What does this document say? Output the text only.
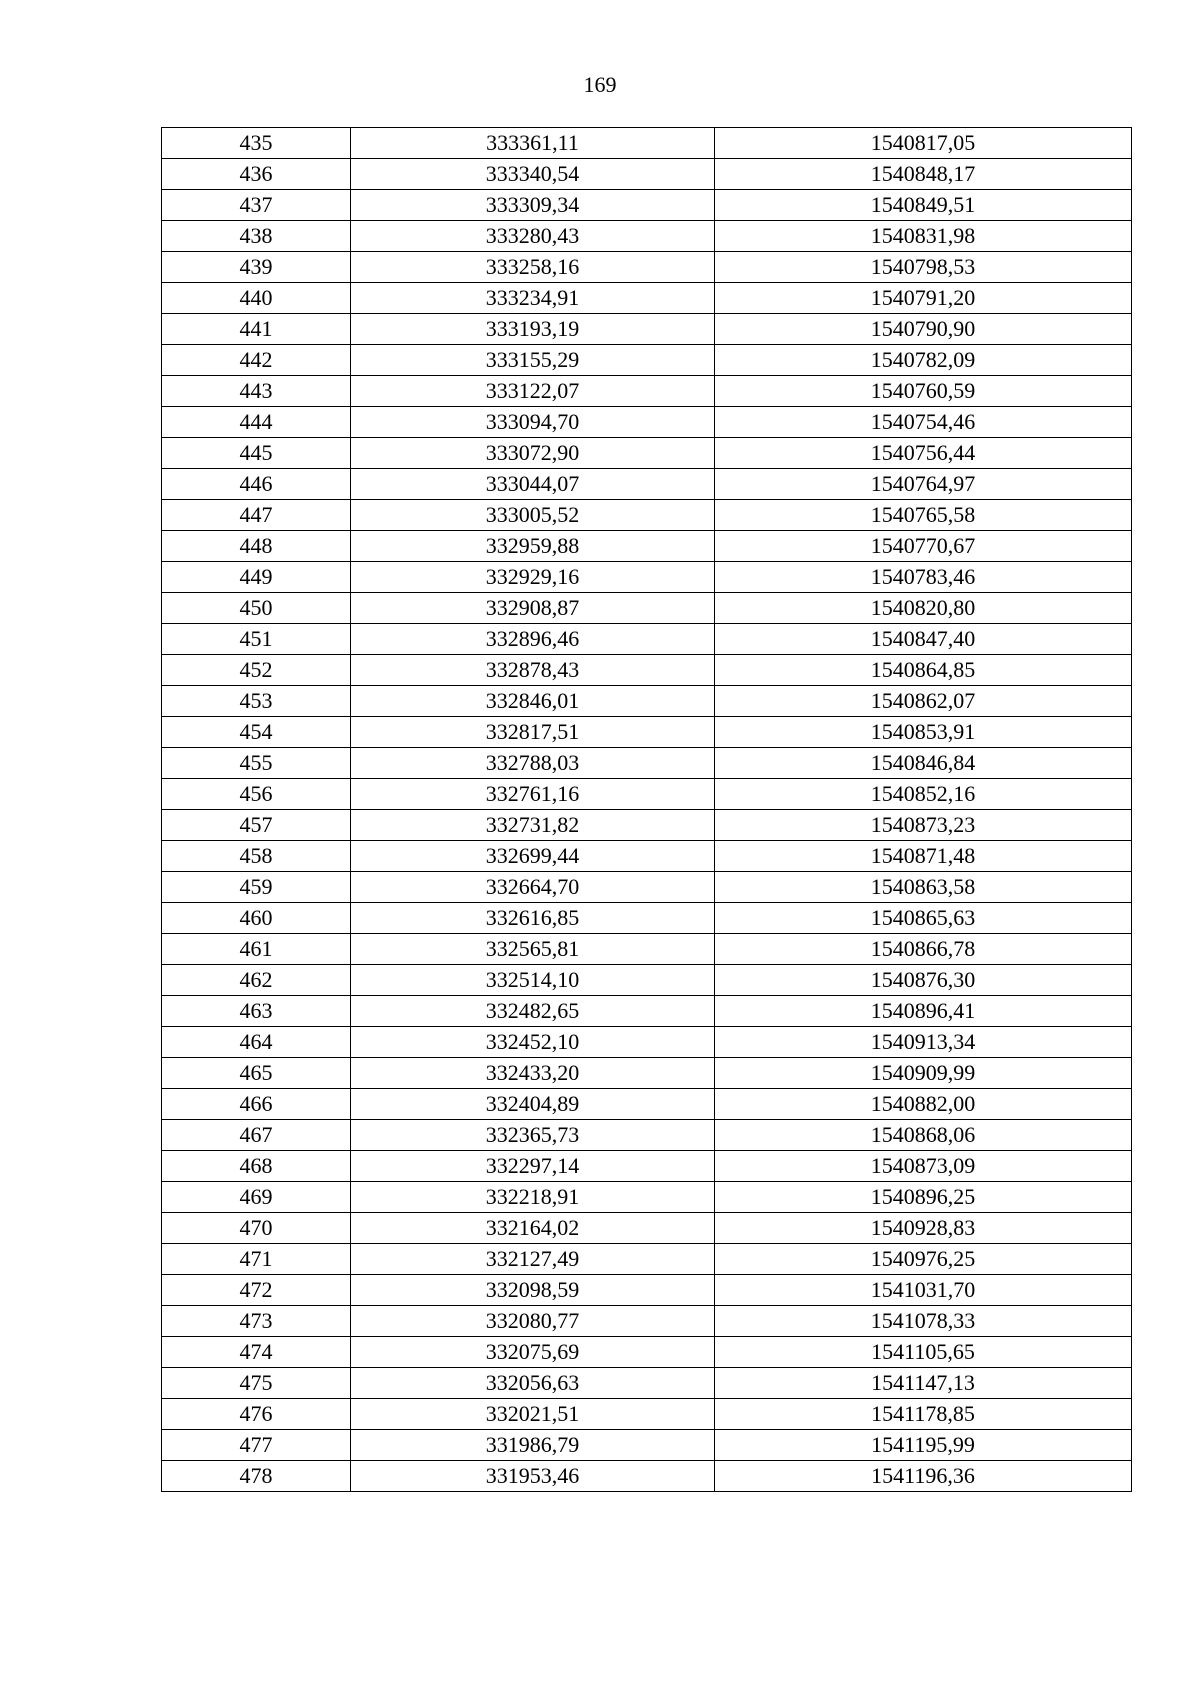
169
435	333361,11	1540817,05
436	333340,54	1540848,17
437	333309,34	1540849,51
438	333280,43	1540831,98
439	333258,16	1540798,53
440	333234,91	1540791,20
441	333193,19	1540790,90
442	333155,29	1540782,09
443	333122,07	1540760,59
444	333094,70	1540754,46
445	333072,90	1540756,44
446	333044,07	1540764,97
447	333005,52	1540765,58
448	332959,88	1540770,67
449	332929,16	1540783,46
450	332908,87	1540820,80
451	332896,46	1540847,40
452	332878,43	1540864,85
453	332846,01	1540862,07
454	332817,51	1540853,91
455	332788,03	1540846,84
456	332761,16	1540852,16
457	332731,82	1540873,23
458	332699,44	1540871,48
459	332664,70	1540863,58
460	332616,85	1540865,63
461	332565,81	1540866,78
462	332514,10	1540876,30
463	332482,65	1540896,41
464	332452,10	1540913,34
465	332433,20	1540909,99
466	332404,89	1540882,00
467	332365,73	1540868,06
468	332297,14	1540873,09
469	332218,91	1540896,25
470	332164,02	1540928,83
471	332127,49	1540976,25
472	332098,59	1541031,70
473	332080,77	1541078,33
474	332075,69	1541105,65
475	332056,63	1541147,13
476	332021,51	1541178,85
477	331986,79	1541195,99
478	331953,46	1541196,36
